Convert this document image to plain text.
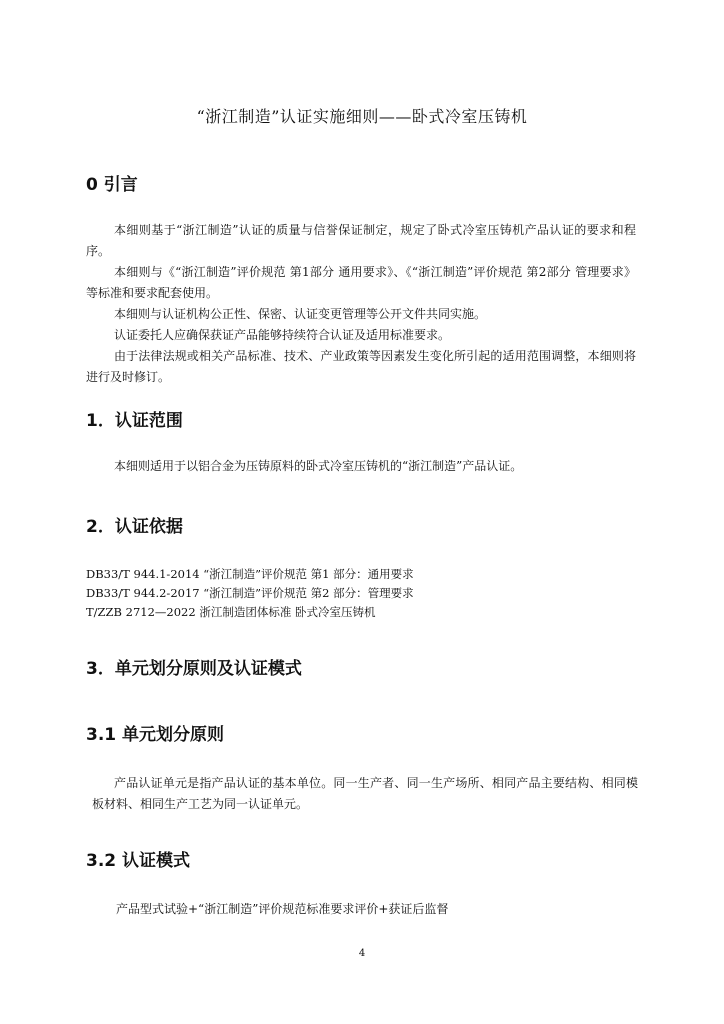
“浙江制造”认证实施细则——卧式冷室压铸机
0 引言

本细则基于“浙江制造”认证的质量与信誉保证制定，规定了卧式冷室压铸机产品认证的要求和程序。

本细则与《“浙江制造”评价规范 第1部分 通用要求》、《“浙江制造”评价规范 第2部分 管理要求》等标准和要求配套使用。

本细则与认证机构公正性、保密、认证变更管理等公开文件共同实施。

认证委托人应确保获证产品能够持续符合认证及适用标准要求。

由于法律法规或相关产品标准、技术、产业政策等因素发生变化所引起的适用范围调整，本细则将进行及时修订。

1．认证范围

本细则适用于以铝合金为压铸原料的卧式冷室压铸机的“浙江制造”产品认证。

2．认证依据
DB33/T 944.1-2014 “浙江制造”评价规范 第1 部分：通用要求
DB33/T 944.2-2017 “浙江制造”评价规范 第2 部分：管理要求
T/ZZB 2712—2022 浙江制造团体标准 卧式冷室压铸机
3．单元划分原则及认证模式
3.1 单元划分原则

产品认证单元是指产品认证的基本单位。同一生产者、同一生产场所、相同产品主要结构、相同模板材料、相同生产工艺为同一认证单元。

3.2 认证模式

产品型式试验+“浙江制造”评价规范标准要求评价+获证后监督

4
